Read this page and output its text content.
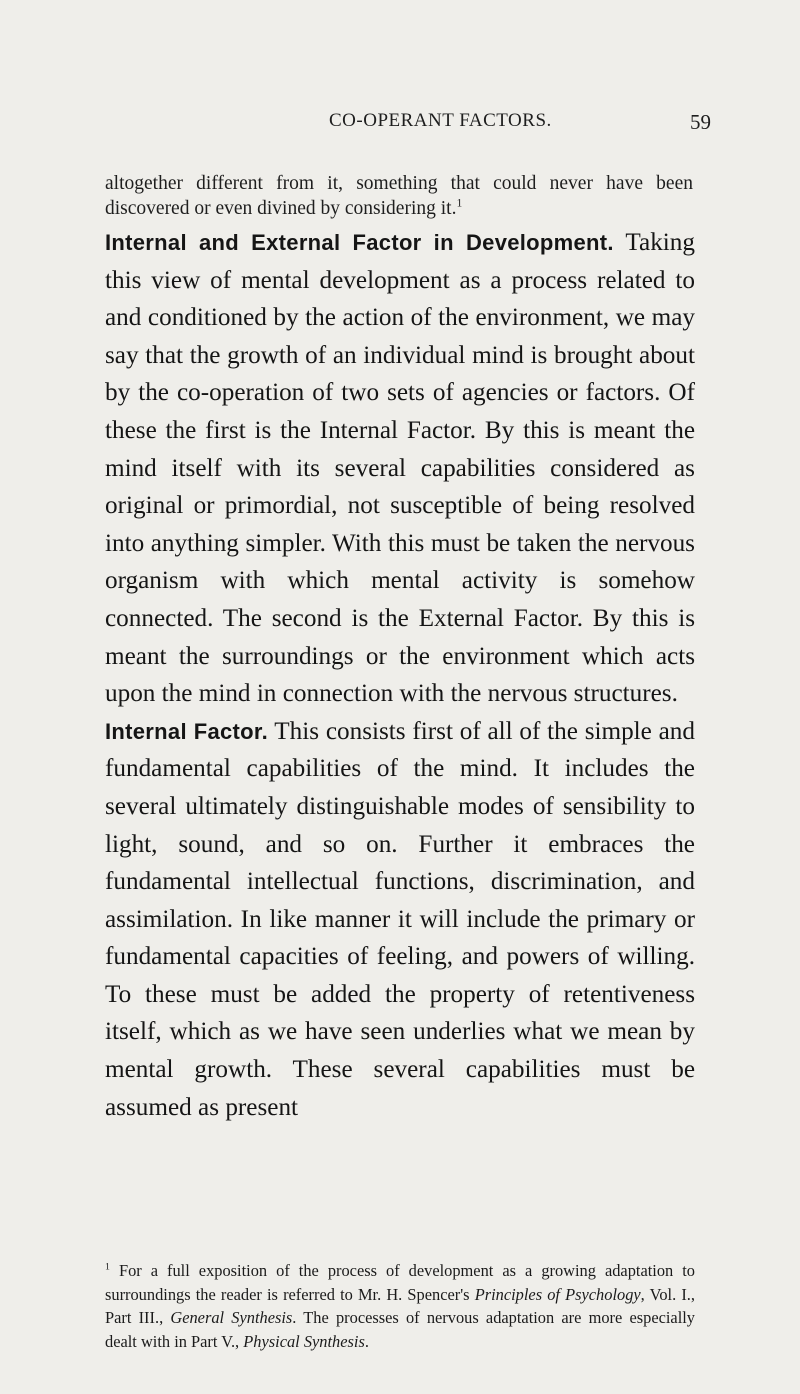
CO-OPERANT FACTORS.	59
altogether different from it, something that could never have been discovered or even divined by considering it.$^1$

Internal and External Factor in Development. Taking this view of mental development as a process related to and conditioned by the action of the environment, we may say that the growth of an individual mind is brought about by the co-operation of two sets of agencies or factors. Of these the first is the Internal Factor. By this is meant the mind itself with its several capabilities considered as original or primordial, not susceptible of being resolved into anything simpler. With this must be taken the nervous organism with which mental activity is somehow connected. The second is the External Factor. By this is meant the surroundings or the environment which acts upon the mind in connection with the nervous structures.

Internal Factor. This consists first of all of the simple and fundamental capabilities of the mind. It includes the several ultimately distinguishable modes of sensibility to light, sound, and so on. Further it embraces the fundamental intellectual functions, discrimination, and assimilation. In like manner it will include the primary or fundamental capacities of feeling, and powers of willing. To these must be added the property of retentiveness itself, which as we have seen underlies what we mean by mental growth. These several capabilities must be assumed as present

$^1$ For a full exposition of the process of development as a growing adaptation to surroundings the reader is referred to Mr. H. Spencer's Principles of Psychology, Vol. I., Part III., General Synthesis. The processes of nervous adaptation are more especially dealt with in Part V., Physical Synthesis.
